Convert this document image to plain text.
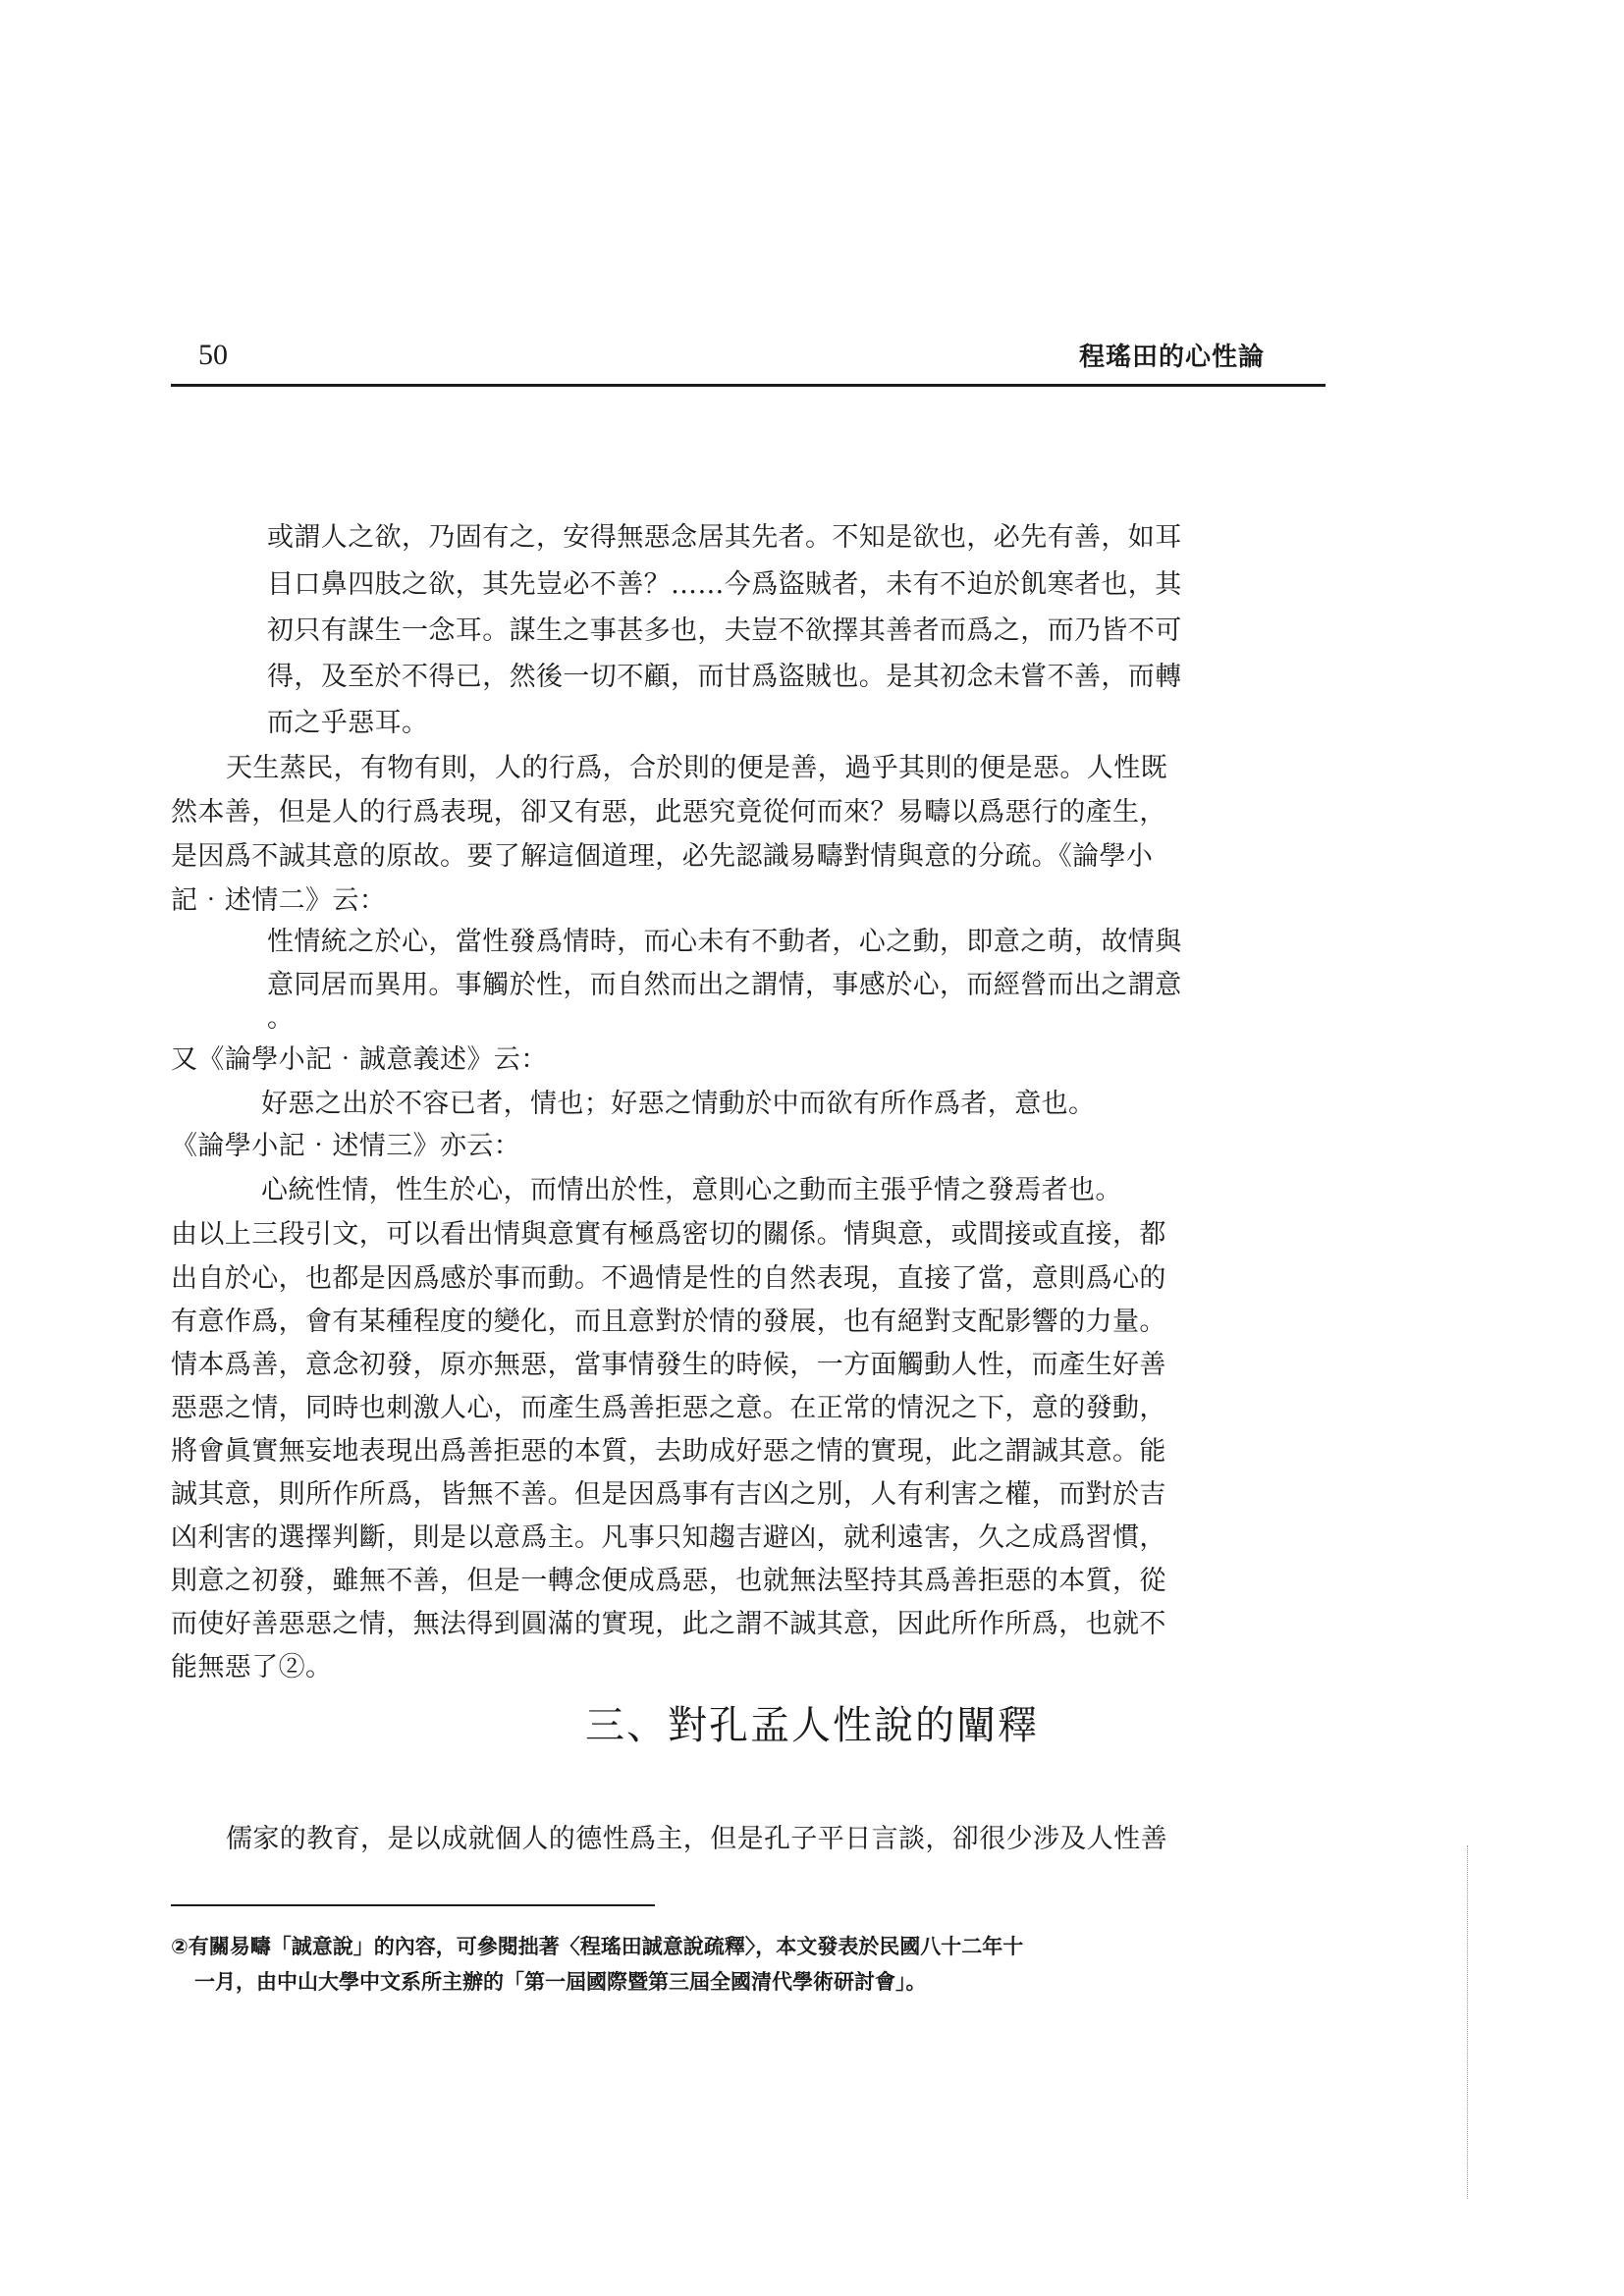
50	程瑤田的心性論
或謂人之欲，乃固有之，安得無惡念居其先者。不知是欲也，必先有善，如耳
目口鼻四肢之欲，其先豈必不善？……今爲盜賊者，未有不迫於飢寒者也，其
初只有謀生一念耳。謀生之事甚多也，夫豈不欲擇其善者而爲之，而乃皆不可
得，及至於不得已，然後一切不顧，而甘爲盜賊也。是其初念未嘗不善，而轉
而之乎惡耳。
天生蒸民，有物有則，人的行爲，合於則的便是善，過乎其則的便是惡。人性既
然本善，但是人的行爲表現，卻又有惡，此惡究竟從何而來？易疇以爲惡行的產生，
是因爲不誠其意的原故。要了解這個道理，必先認識易疇對情與意的分疏。《論學小
記‧述情二》云：
性情統之於心，當性發爲情時，而心未有不動者，心之動，即意之萌，故情與
意同居而異用。事觸於性，而自然而出之謂情，事感於心，而經營而出之謂意
。
又《論學小記‧誠意義述》云：
好惡之出於不容已者，情也；好惡之情動於中而欲有所作爲者，意也。
《論學小記‧述情三》亦云：
心統性情，性生於心，而情出於性，意則心之動而主張乎情之發焉者也。
由以上三段引文，可以看出情與意實有極爲密切的關係。情與意，或間接或直接，都
出自於心，也都是因爲感於事而動。不過情是性的自然表現，直接了當，意則爲心的
有意作爲，會有某種程度的變化，而且意對於情的發展，也有絕對支配影響的力量。
情本爲善，意念初發，原亦無惡，當事情發生的時候，一方面觸動人性，而產生好善
惡惡之情，同時也刺激人心，而產生爲善拒惡之意。在正常的情況之下，意的發動，
將會眞實無妄地表現出爲善拒惡的本質，去助成好惡之情的實現，此之謂誠其意。能
誠其意，則所作所爲，皆無不善。但是因爲事有吉凶之別，人有利害之權，而對於吉
凶利害的選擇判斷，則是以意爲主。凡事只知趨吉避凶，就利遠害，久之成爲習慣，
則意之初發，雖無不善，但是一轉念便成爲惡，也就無法堅持其爲善拒惡的本質，從
而使好善惡惡之情，無法得到圓滿的實現，此之謂不誠其意，因此所作所爲，也就不
能無惡了②。
三、對孔孟人性說的闡釋
儒家的教育，是以成就個人的德性爲主，但是孔子平日言談，卻很少涉及人性善
②有關易疇「誠意說」的內容，可參閱拙著〈程瑤田誠意說疏釋〉，本文發表於民國八十二年十
一月，由中山大學中文系所主辦的「第一屆國際暨第三屆全國清代學術研討會」。
